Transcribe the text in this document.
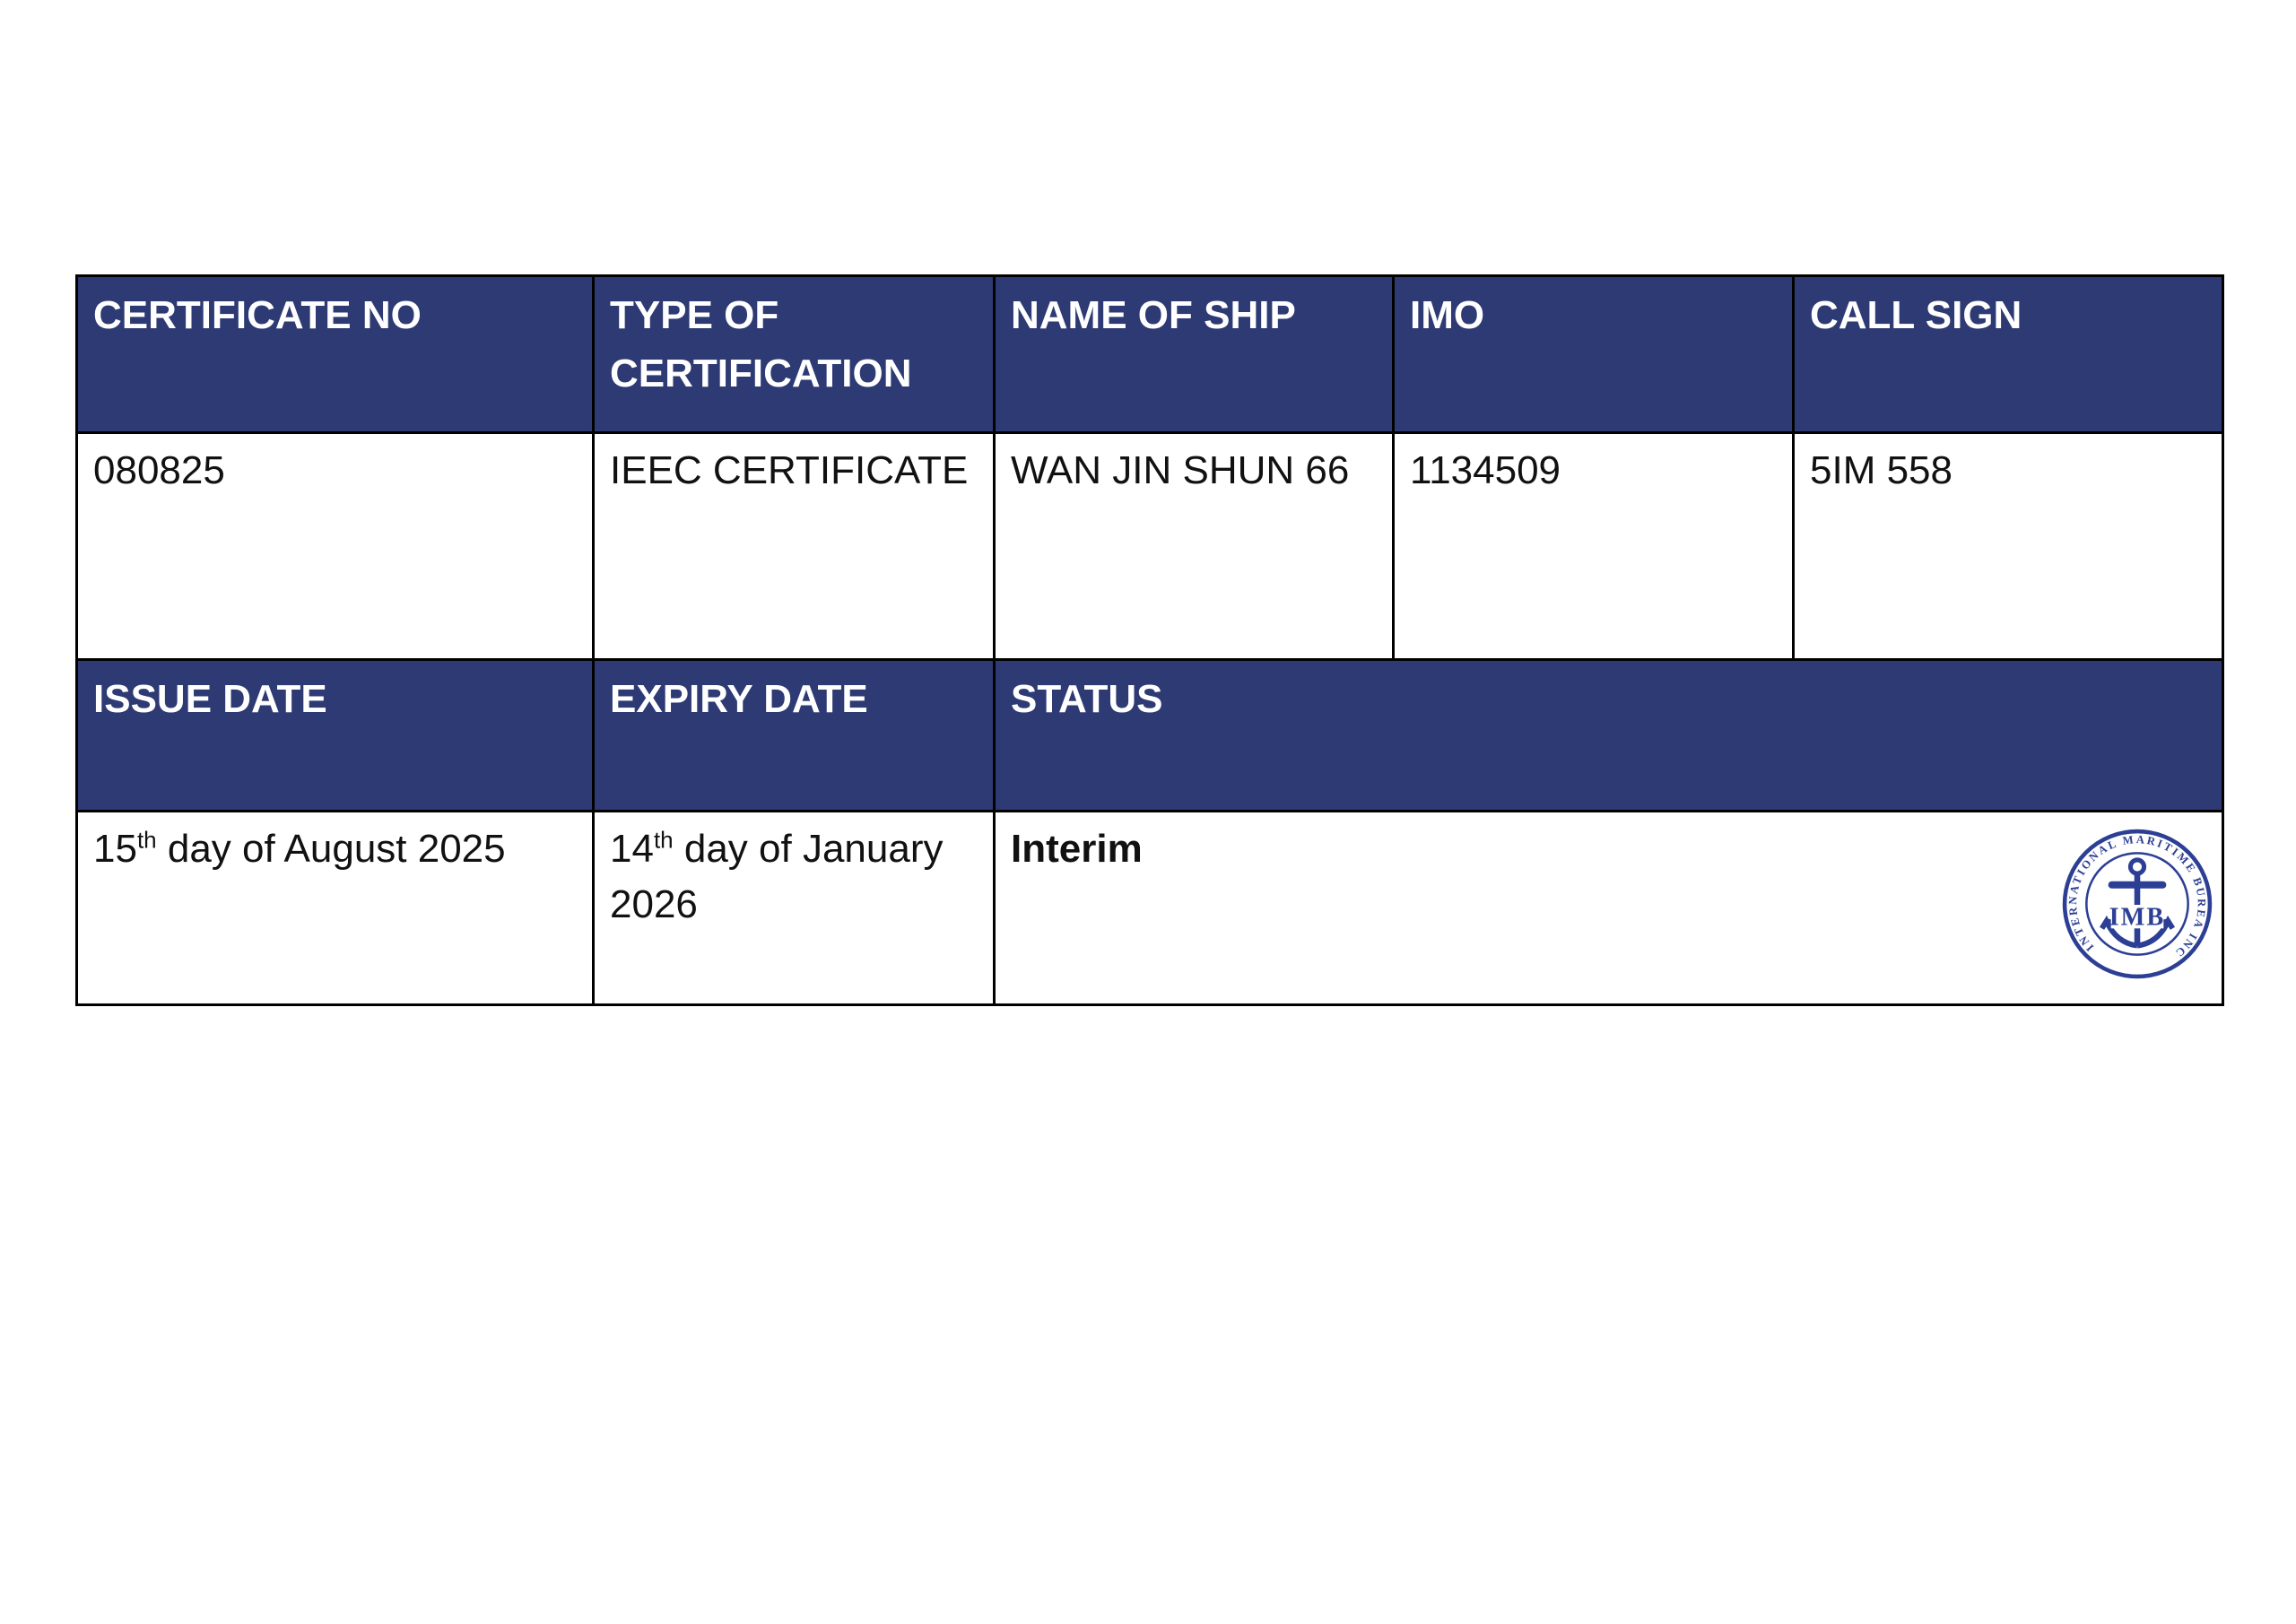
CERTIFICATE NO	TYPE OF CERTIFICATION	NAME OF SHIP	IMO	CALL SIGN
080825	IEEC CERTIFICATE	WAN JIN SHUN 66	1134509	5IM 558
ISSUE DATE	EXPIRY DATE	STATUS		
15th day of August 2025	14th day of January 2026	Interim
INTERNATIONAL MARITIME BUREA INC
IMB		
